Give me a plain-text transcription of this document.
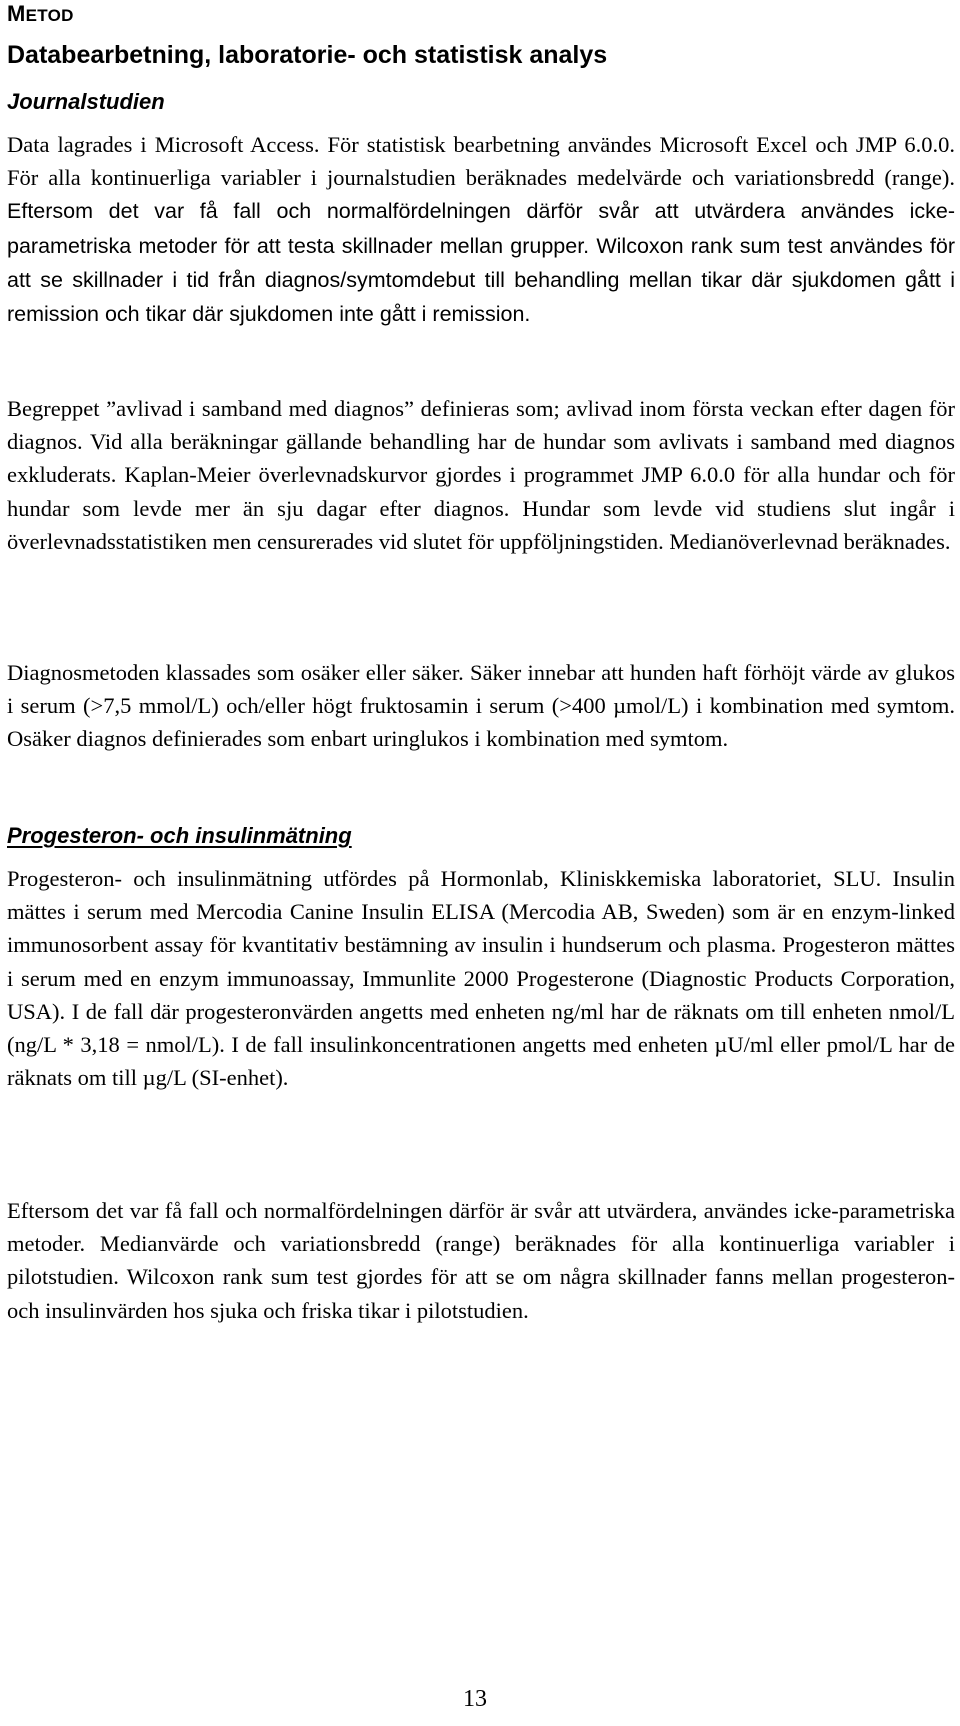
METOD
Databearbetning, laboratorie- och statistisk analys
Journalstudien

Data lagrades i Microsoft Access. För statistisk bearbetning användes Microsoft Excel och JMP 6.0.0. För alla kontinuerliga variabler i journalstudien beräknades medelvärde och variationsbredd (range). Eftersom det var få fall och normalfördelningen därför svår att utvärdera användes icke-parametriska metoder för att testa skillnader mellan grupper. Wilcoxon rank sum test användes för att se skillnader i tid från diagnos/symtomdebut till behandling mellan tikar där sjukdomen gått i remission och tikar där sjukdomen inte gått i remission.

Begreppet ”avlivad i samband med diagnos” definieras som; avlivad inom första veckan efter dagen för diagnos. Vid alla beräkningar gällande behandling har de hundar som avlivats i samband med diagnos exkluderats. Kaplan-Meier överlevnadskurvor gjordes i programmet JMP 6.0.0 för alla hundar och för hundar som levde mer än sju dagar efter diagnos. Hundar som levde vid studiens slut ingår i överlevnadsstatistiken men censurerades vid slutet för uppföljningstiden. Medianöverlevnad beräknades.

Diagnosmetoden klassades som osäker eller säker. Säker innebar att hunden haft förhöjt värde av glukos i serum (>7,5 mmol/L) och/eller högt fruktosamin i serum (>400 µmol/L) i kombination med symtom. Osäker diagnos definierades som enbart uringlukos i kombination med symtom.

Progesteron- och insulinmätning

Progesteron- och insulinmätning utfördes på Hormonlab, Kliniskkemiska laboratoriet, SLU. Insulin mättes i serum med Mercodia Canine Insulin ELISA (Mercodia AB, Sweden) som är en enzym-linked immunosorbent assay för kvantitativ bestämning av insulin i hundserum och plasma. Progesteron mättes i serum med en enzym immunoassay, Immunlite 2000 Progesterone (Diagnostic Products Corporation, USA). I de fall där progesteronvärden angetts med enheten ng/ml har de räknats om till enheten nmol/L (ng/L * 3,18 = nmol/L). I de fall insulinkoncentrationen angetts med enheten µU/ml eller pmol/L har de räknats om till µg/L (SI-enhet).

Eftersom det var få fall och normalfördelningen därför är svår att utvärdera, användes icke-parametriska metoder. Medianvärde och variationsbredd (range) beräknades för alla kontinuerliga variabler i pilotstudien. Wilcoxon rank sum test gjordes för att se om några skillnader fanns mellan progesteron- och insulinvärden hos sjuka och friska tikar i pilotstudien.

13
